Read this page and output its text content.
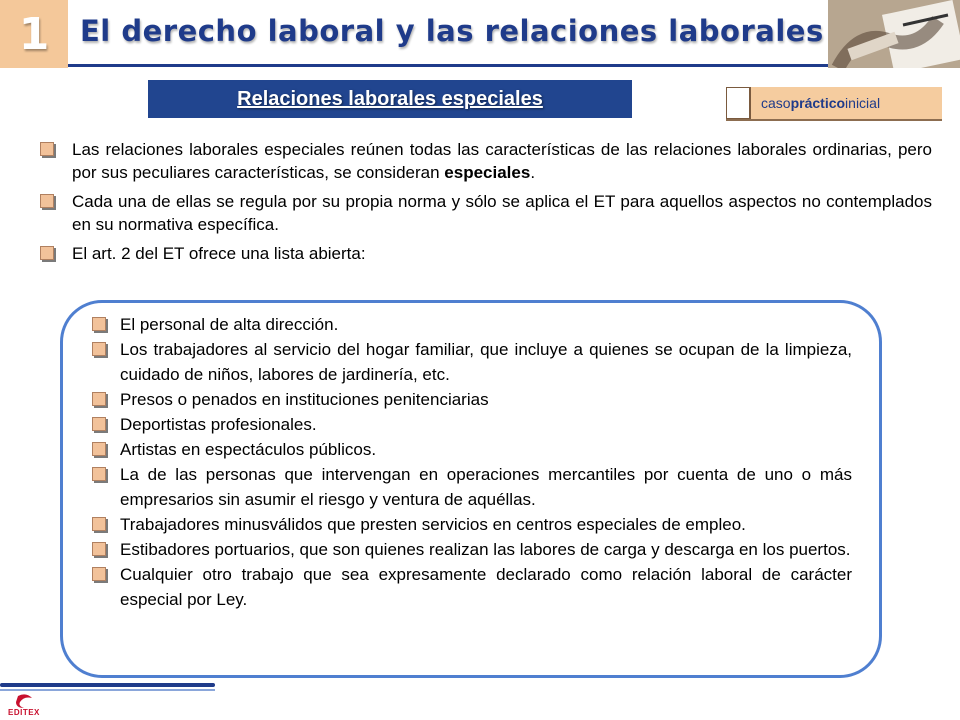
1 El derecho laboral y las relaciones laborales
Relaciones laborales especiales	caso práctico inicial
Las relaciones laborales especiales reúnen todas las características de las relaciones laborales ordinarias, pero por sus peculiares características, se consideran especiales.
Cada una de ellas se regula por su propia norma y sólo se aplica el ET para aquellos aspectos no contemplados en su normativa específica.
El art. 2 del ET ofrece una lista abierta:
El personal de alta dirección.
Los trabajadores al servicio del hogar familiar, que incluye a quienes se ocupan de la limpieza, cuidado de niños, labores de jardinería, etc.
Presos o penados en instituciones penitenciarias
Deportistas profesionales.
Artistas en espectáculos públicos.
La de las personas que intervengan en operaciones mercantiles por cuenta de uno o más empresarios sin asumir el riesgo y ventura de aquéllas.
Trabajadores minusválidos que presten servicios en centros especiales de empleo.
Estibadores portuarios, que son quienes realizan las labores de carga y descarga en los puertos.
Cualquier otro trabajo que sea expresamente declarado como relación laboral de carácter especial por Ley.
EDITEX
